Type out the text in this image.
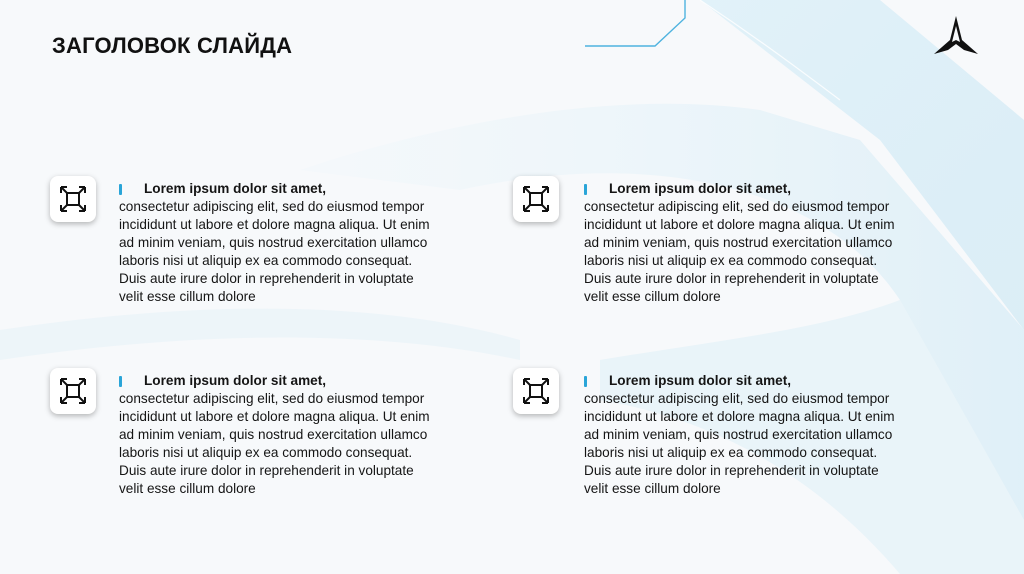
ЗАГОЛОВОК СЛАЙДА
Lorem ipsum dolor sit amet,
consectetur adipiscing elit, sed do eiusmod tempor
incididunt ut labore et dolore magna aliqua. Ut enim
ad minim veniam, quis nostrud exercitation ullamco
laboris nisi ut aliquip ex ea commodo consequat.
Duis aute irure dolor in reprehenderit in voluptate
velit esse cillum dolore
Lorem ipsum dolor sit amet,
consectetur adipiscing elit, sed do eiusmod tempor
incididunt ut labore et dolore magna aliqua. Ut enim
ad minim veniam, quis nostrud exercitation ullamco
laboris nisi ut aliquip ex ea commodo consequat.
Duis aute irure dolor in reprehenderit in voluptate
velit esse cillum dolore
Lorem ipsum dolor sit amet,
consectetur adipiscing elit, sed do eiusmod tempor
incididunt ut labore et dolore magna aliqua. Ut enim
ad minim veniam, quis nostrud exercitation ullamco
laboris nisi ut aliquip ex ea commodo consequat.
Duis aute irure dolor in reprehenderit in voluptate
velit esse cillum dolore
Lorem ipsum dolor sit amet,
consectetur adipiscing elit, sed do eiusmod tempor
incididunt ut labore et dolore magna aliqua. Ut enim
ad minim veniam, quis nostrud exercitation ullamco
laboris nisi ut aliquip ex ea commodo consequat.
Duis aute irure dolor in reprehenderit in voluptate
velit esse cillum dolore
